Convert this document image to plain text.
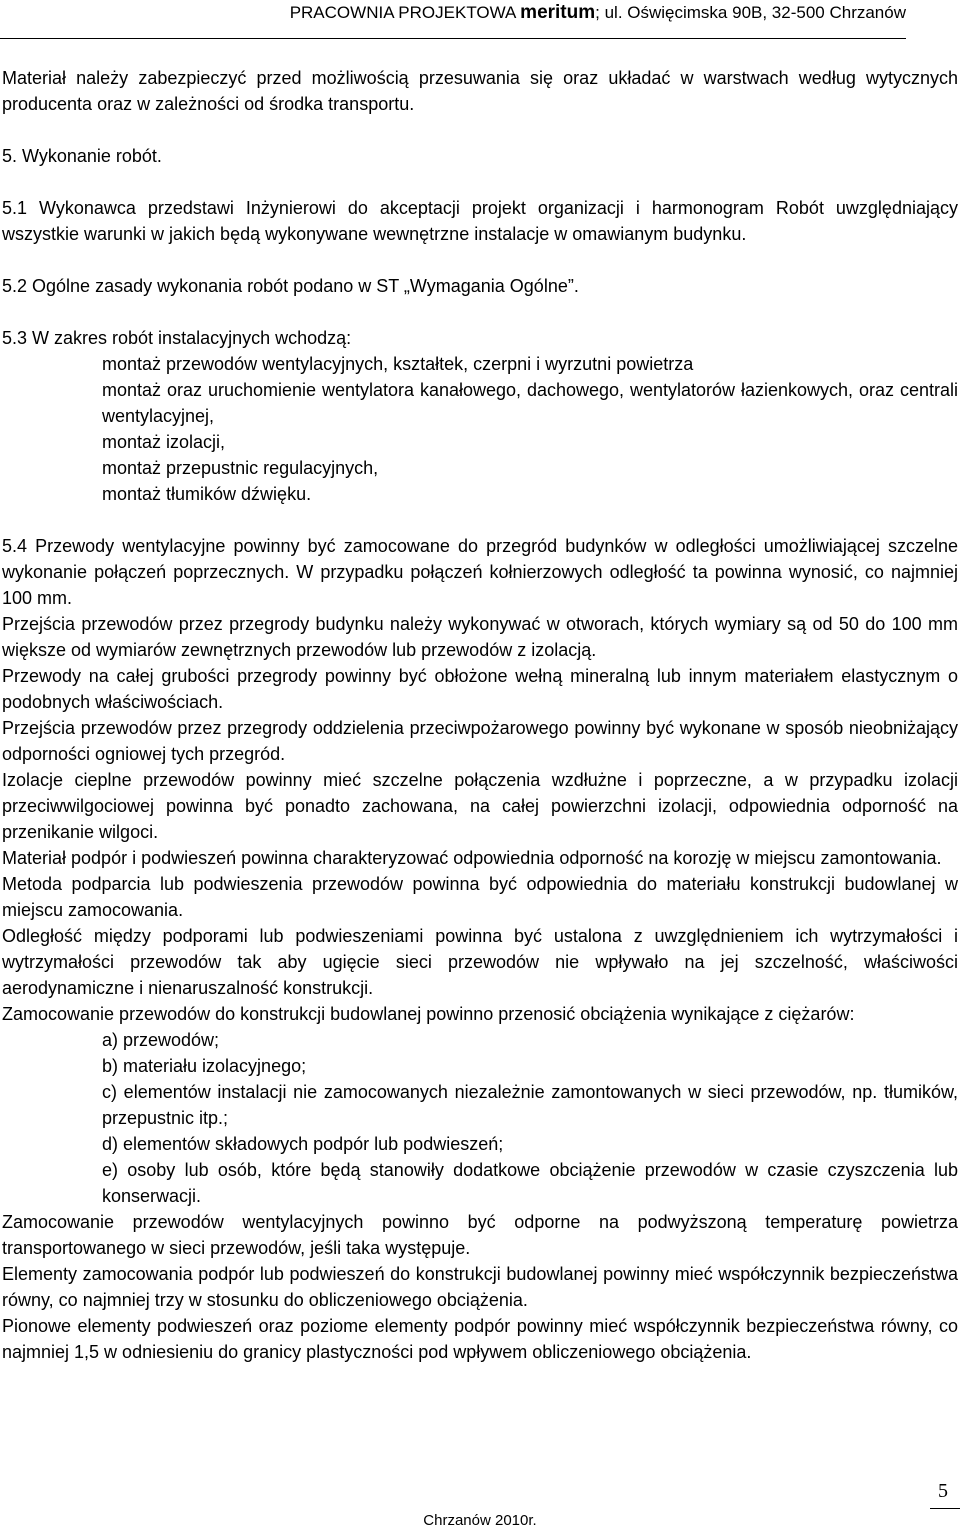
PRACOWNIA PROJEKTOWA meritum; ul. Oświęcimska 90B, 32-500 Chrzanów

Materiał należy zabezpieczyć przed możliwością przesuwania się oraz układać w warstwach według wytycznych producenta oraz w zależności od środka transportu.

5. Wykonanie robót.

5.1 Wykonawca przedstawi Inżynierowi do akceptacji projekt organizacji i harmonogram Robót uwzględniający wszystkie warunki w jakich będą wykonywane wewnętrzne instalacje w omawianym budynku.

5.2 Ogólne zasady wykonania robót podano w ST „Wymagania Ogólne”.

5.3 W zakres robót instalacyjnych wchodzą:

montaż przewodów wentylacyjnych, kształtek, czerpni i wyrzutni powietrza

montaż oraz uruchomienie wentylatora kanałowego, dachowego, wentylatorów łazienkowych, oraz centrali wentylacyjnej,

montaż izolacji,

montaż przepustnic regulacyjnych,

montaż tłumików dźwięku.

5.4 Przewody wentylacyjne powinny być zamocowane do przegród budynków w odległości umożliwiającej szczelne wykonanie połączeń poprzecznych. W przypadku połączeń kołnierzowych odległość ta powinna wynosić, co najmniej 100 mm.

Przejścia przewodów przez przegrody budynku należy wykonywać w otworach, których wymiary są od 50 do 100 mm większe od wymiarów zewnętrznych przewodów lub przewodów z izolacją.

Przewody na całej grubości przegrody powinny być obłożone wełną mineralną lub innym materiałem elastycznym o podobnych właściwościach.

Przejścia przewodów przez przegrody oddzielenia przeciwpożarowego powinny być wykonane w sposób nieobniżający odporności ogniowej tych przegród.

Izolacje cieplne przewodów powinny mieć szczelne połączenia wzdłużne i poprzeczne, a w przypadku izolacji przeciwwilgociowej powinna być ponadto zachowana, na całej powierzchni izolacji, odpowiednia odporność na przenikanie wilgoci.

Materiał podpór i podwieszeń powinna charakteryzować odpowiednia odporność na korozję w miejscu zamontowania.

Metoda podparcia lub podwieszenia przewodów powinna być odpowiednia do materiału konstrukcji budowlanej w miejscu zamocowania.

Odległość między podporami lub podwieszeniami powinna być ustalona z uwzględnieniem ich wytrzymałości i wytrzymałości przewodów tak aby ugięcie sieci przewodów nie wpływało na jej szczelność, właściwości aerodynamiczne i nienaruszalność konstrukcji.

Zamocowanie przewodów do konstrukcji budowlanej powinno przenosić obciążenia wynikające z ciężarów:

a) przewodów;

b) materiału izolacyjnego;

c) elementów instalacji nie zamocowanych niezależnie zamontowanych w sieci przewodów, np. tłumików, przepustnic itp.;

d) elementów składowych podpór lub podwieszeń;

e) osoby lub osób, które będą stanowiły dodatkowe obciążenie przewodów w czasie czyszczenia lub konserwacji.

Zamocowanie przewodów wentylacyjnych powinno być odporne na podwyższoną temperaturę powietrza transportowanego w sieci przewodów, jeśli taka występuje.

Elementy zamocowania podpór lub podwieszeń do konstrukcji budowlanej powinny mieć współczynnik bezpieczeństwa równy, co najmniej trzy w stosunku do obliczeniowego obciążenia.

Pionowe elementy podwieszeń oraz poziome elementy podpór powinny mieć współczynnik bezpieczeństwa równy, co najmniej 1,5 w odniesieniu do granicy plastyczności pod wpływem obliczeniowego obciążenia.

5
Chrzanów 2010r.
